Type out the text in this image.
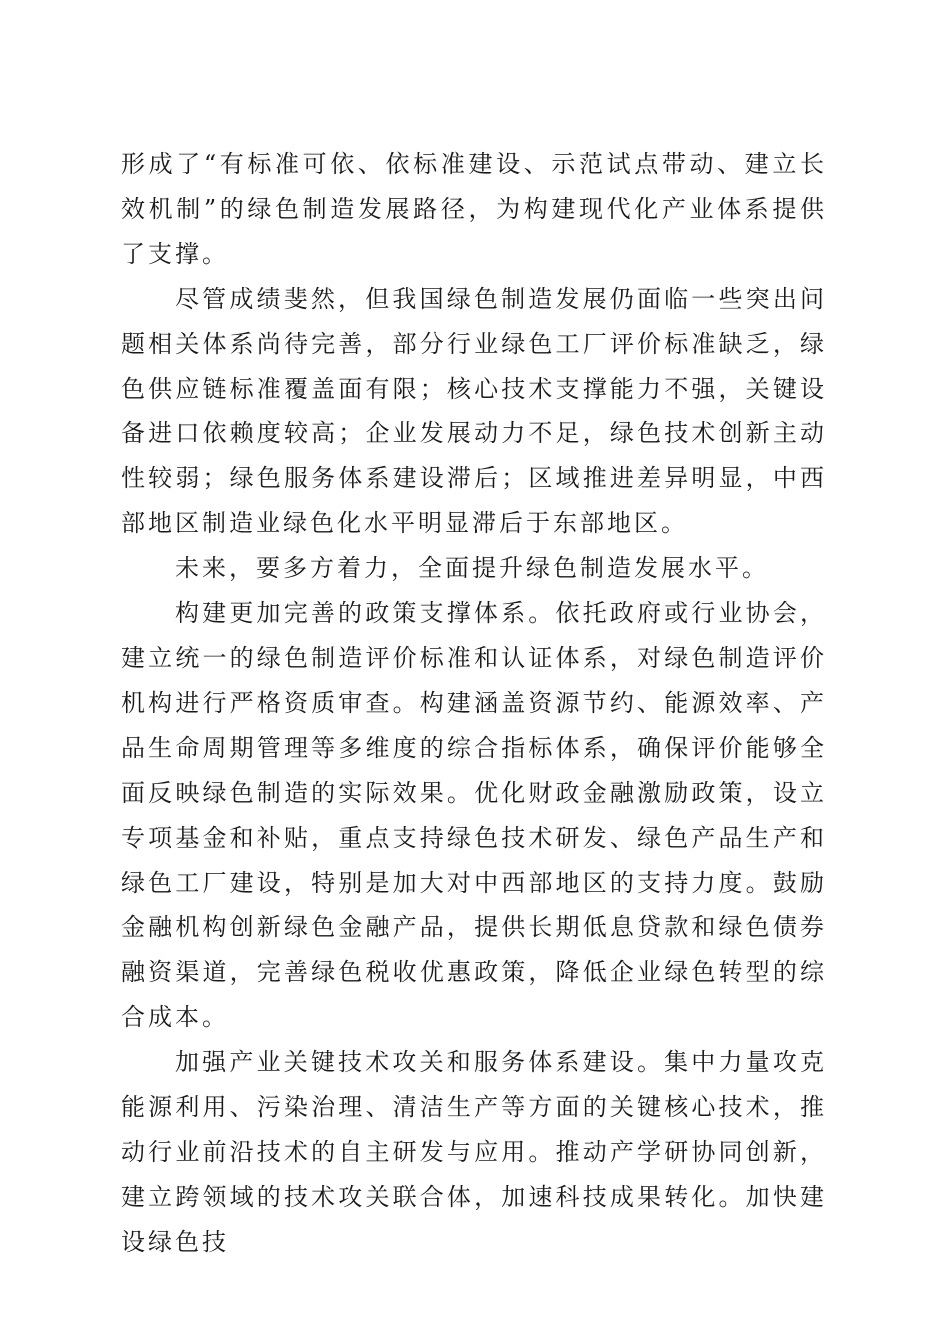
形成了“有标准可依、依标准建设、示范试点带动、建立长效机制”的绿色制造发展路径，为构建现代化产业体系提供了支撑。

尽管成绩斐然，但我国绿色制造发展仍面临一些突出问题相关体系尚待完善，部分行业绿色工厂评价标准缺乏，绿色供应链标准覆盖面有限；核心技术支撑能力不强，关键设备进口依赖度较高；企业发展动力不足，绿色技术创新主动性较弱；绿色服务体系建设滞后；区域推进差异明显，中西部地区制造业绿色化水平明显滞后于东部地区。

未来，要多方着力，全面提升绿色制造发展水平。

构建更加完善的政策支撑体系。依托政府或行业协会，建立统一的绿色制造评价标准和认证体系，对绿色制造评价机构进行严格资质审查。构建涵盖资源节约、能源效率、产品生命周期管理等多维度的综合指标体系，确保评价能够全面反映绿色制造的实际效果。优化财政金融激励政策，设立专项基金和补贴，重点支持绿色技术研发、绿色产品生产和绿色工厂建设，特别是加大对中西部地区的支持力度。鼓励金融机构创新绿色金融产品，提供长期低息贷款和绿色债券融资渠道，完善绿色税收优惠政策，降低企业绿色转型的综合成本。

加强产业关键技术攻关和服务体系建设。集中力量攻克能源利用、污染治理、清洁生产等方面的关键核心技术，推动行业前沿技术的自主研发与应用。推动产学研协同创新，建立跨领域的技术攻关联合体，加速科技成果转化。加快建设绿色技
